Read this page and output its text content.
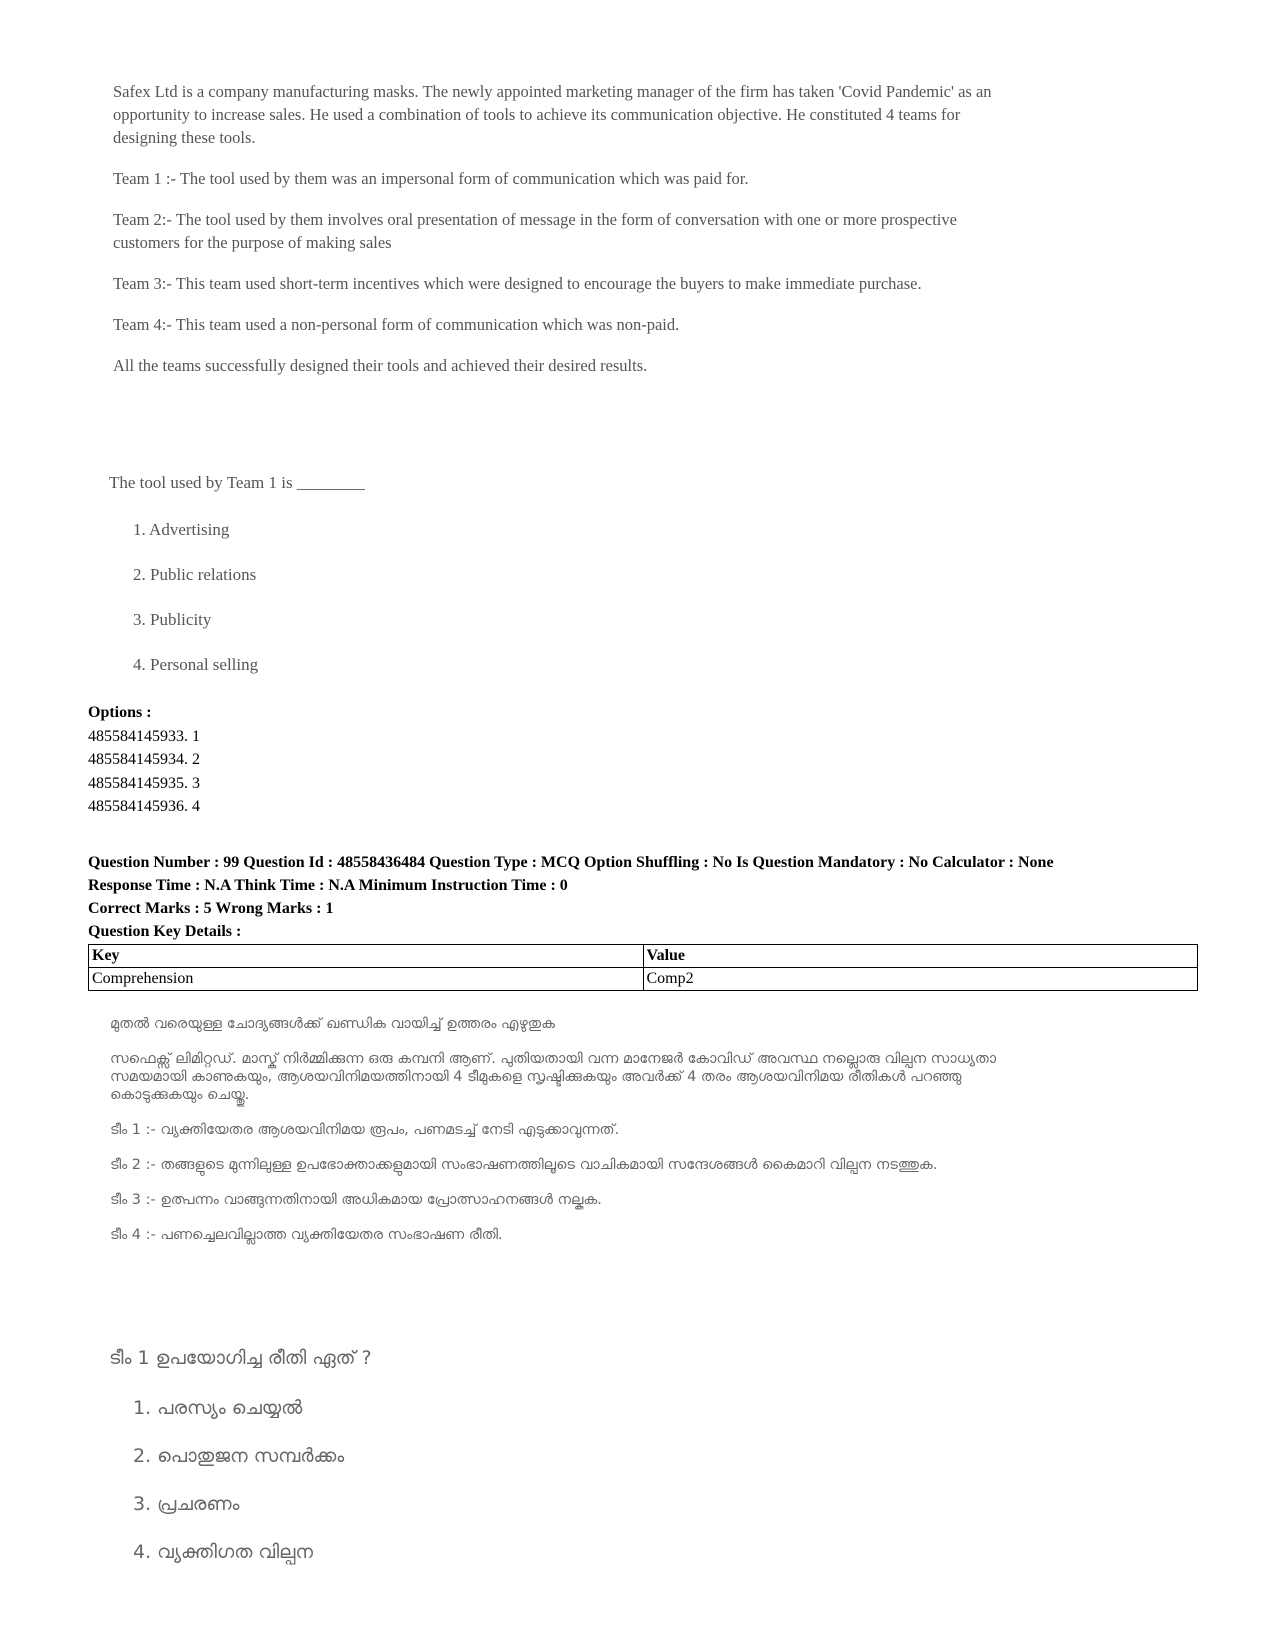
Safex Ltd is a company manufacturing masks. The newly appointed marketing manager of the firm has taken 'Covid Pandemic' as an opportunity to increase sales. He used a combination of tools to achieve its communication objective. He constituted 4 teams for designing these tools.

Team 1 :- The tool used by them was an impersonal form of communication which was paid for.

Team 2:- The tool used by them involves oral presentation of message in the form of conversation with one or more prospective customers for the purpose of making sales

Team 3:- This team used short-term incentives which were designed to encourage the buyers to make immediate purchase.

Team 4:- This team used a non-personal form of communication which was non-paid.

All the teams successfully designed their tools and achieved their desired results.

The tool used by Team 1 is ________
1. Advertising
2. Public relations
3. Publicity
4. Personal selling
Options :
485584145933. 1
485584145934. 2
485584145935. 3
485584145936. 4
Question Number : 99 Question Id : 48558436484 Question Type : MCQ Option Shuffling : No Is Question Mandatory : No Calculator : None
Response Time : N.A Think Time : N.A Minimum Instruction Time : 0
Correct Marks : 5 Wrong Marks : 1
Question Key Details :
Key	Value
Comprehension	Comp2

മുതൽ വരെയുള്ള ചോദ്യങ്ങൾക്ക് ഖണ്ഡിക വായിച്ച് ഉത്തരം എഴുതുക

സഫെക്സ് ലിമിറ്റഡ്. മാസ്ക് നിർമ്മിക്കുന്ന ഒരു കമ്പനി ആണ്. പുതിയതായി വന്ന മാനേജർ കോവിഡ് അവസ്ഥ നല്ലൊരു വില്പന സാധ്യതാ സമയമായി കാണുകയും, ആശയവിനിമയത്തിനായി 4 ടീമുകളെ സൃഷ്ടിക്കുകയും അവർക്ക് 4 തരം ആശയവിനിമയ രീതികൾ പറഞ്ഞു കൊടുക്കുകയും ചെയ്തു.

ടീം 1 :- വ്യക്തിയേതര ആശയവിനിമയ രൂപം, പണമടച്ച് നേടി എടുക്കാവുന്നത്.

ടീം 2 :- തങ്ങളുടെ മുന്നിലുള്ള ഉപഭോക്താക്കളുമായി സംഭാഷണത്തിലൂടെ വാചികമായി സന്ദേശങ്ങൾ കൈമാറി വില്പന നടത്തുക.

ടീം 3 :- ഉത്പന്നം വാങ്ങുന്നതിനായി അധികമായ പ്രോത്സാഹനങ്ങൾ നല്കുക.

ടീം 4 :- പണച്ചെലവില്ലാത്ത വ്യക്തിയേതര സംഭാഷണ രീതി.

ടീം 1 ഉപയോഗിച്ച രീതി ഏത് ?
1. പരസ്യം ചെയ്യൽ
2. പൊതുജന സമ്പർക്കം
3. പ്രചരണം
4. വ്യക്തിഗത വില്പന
